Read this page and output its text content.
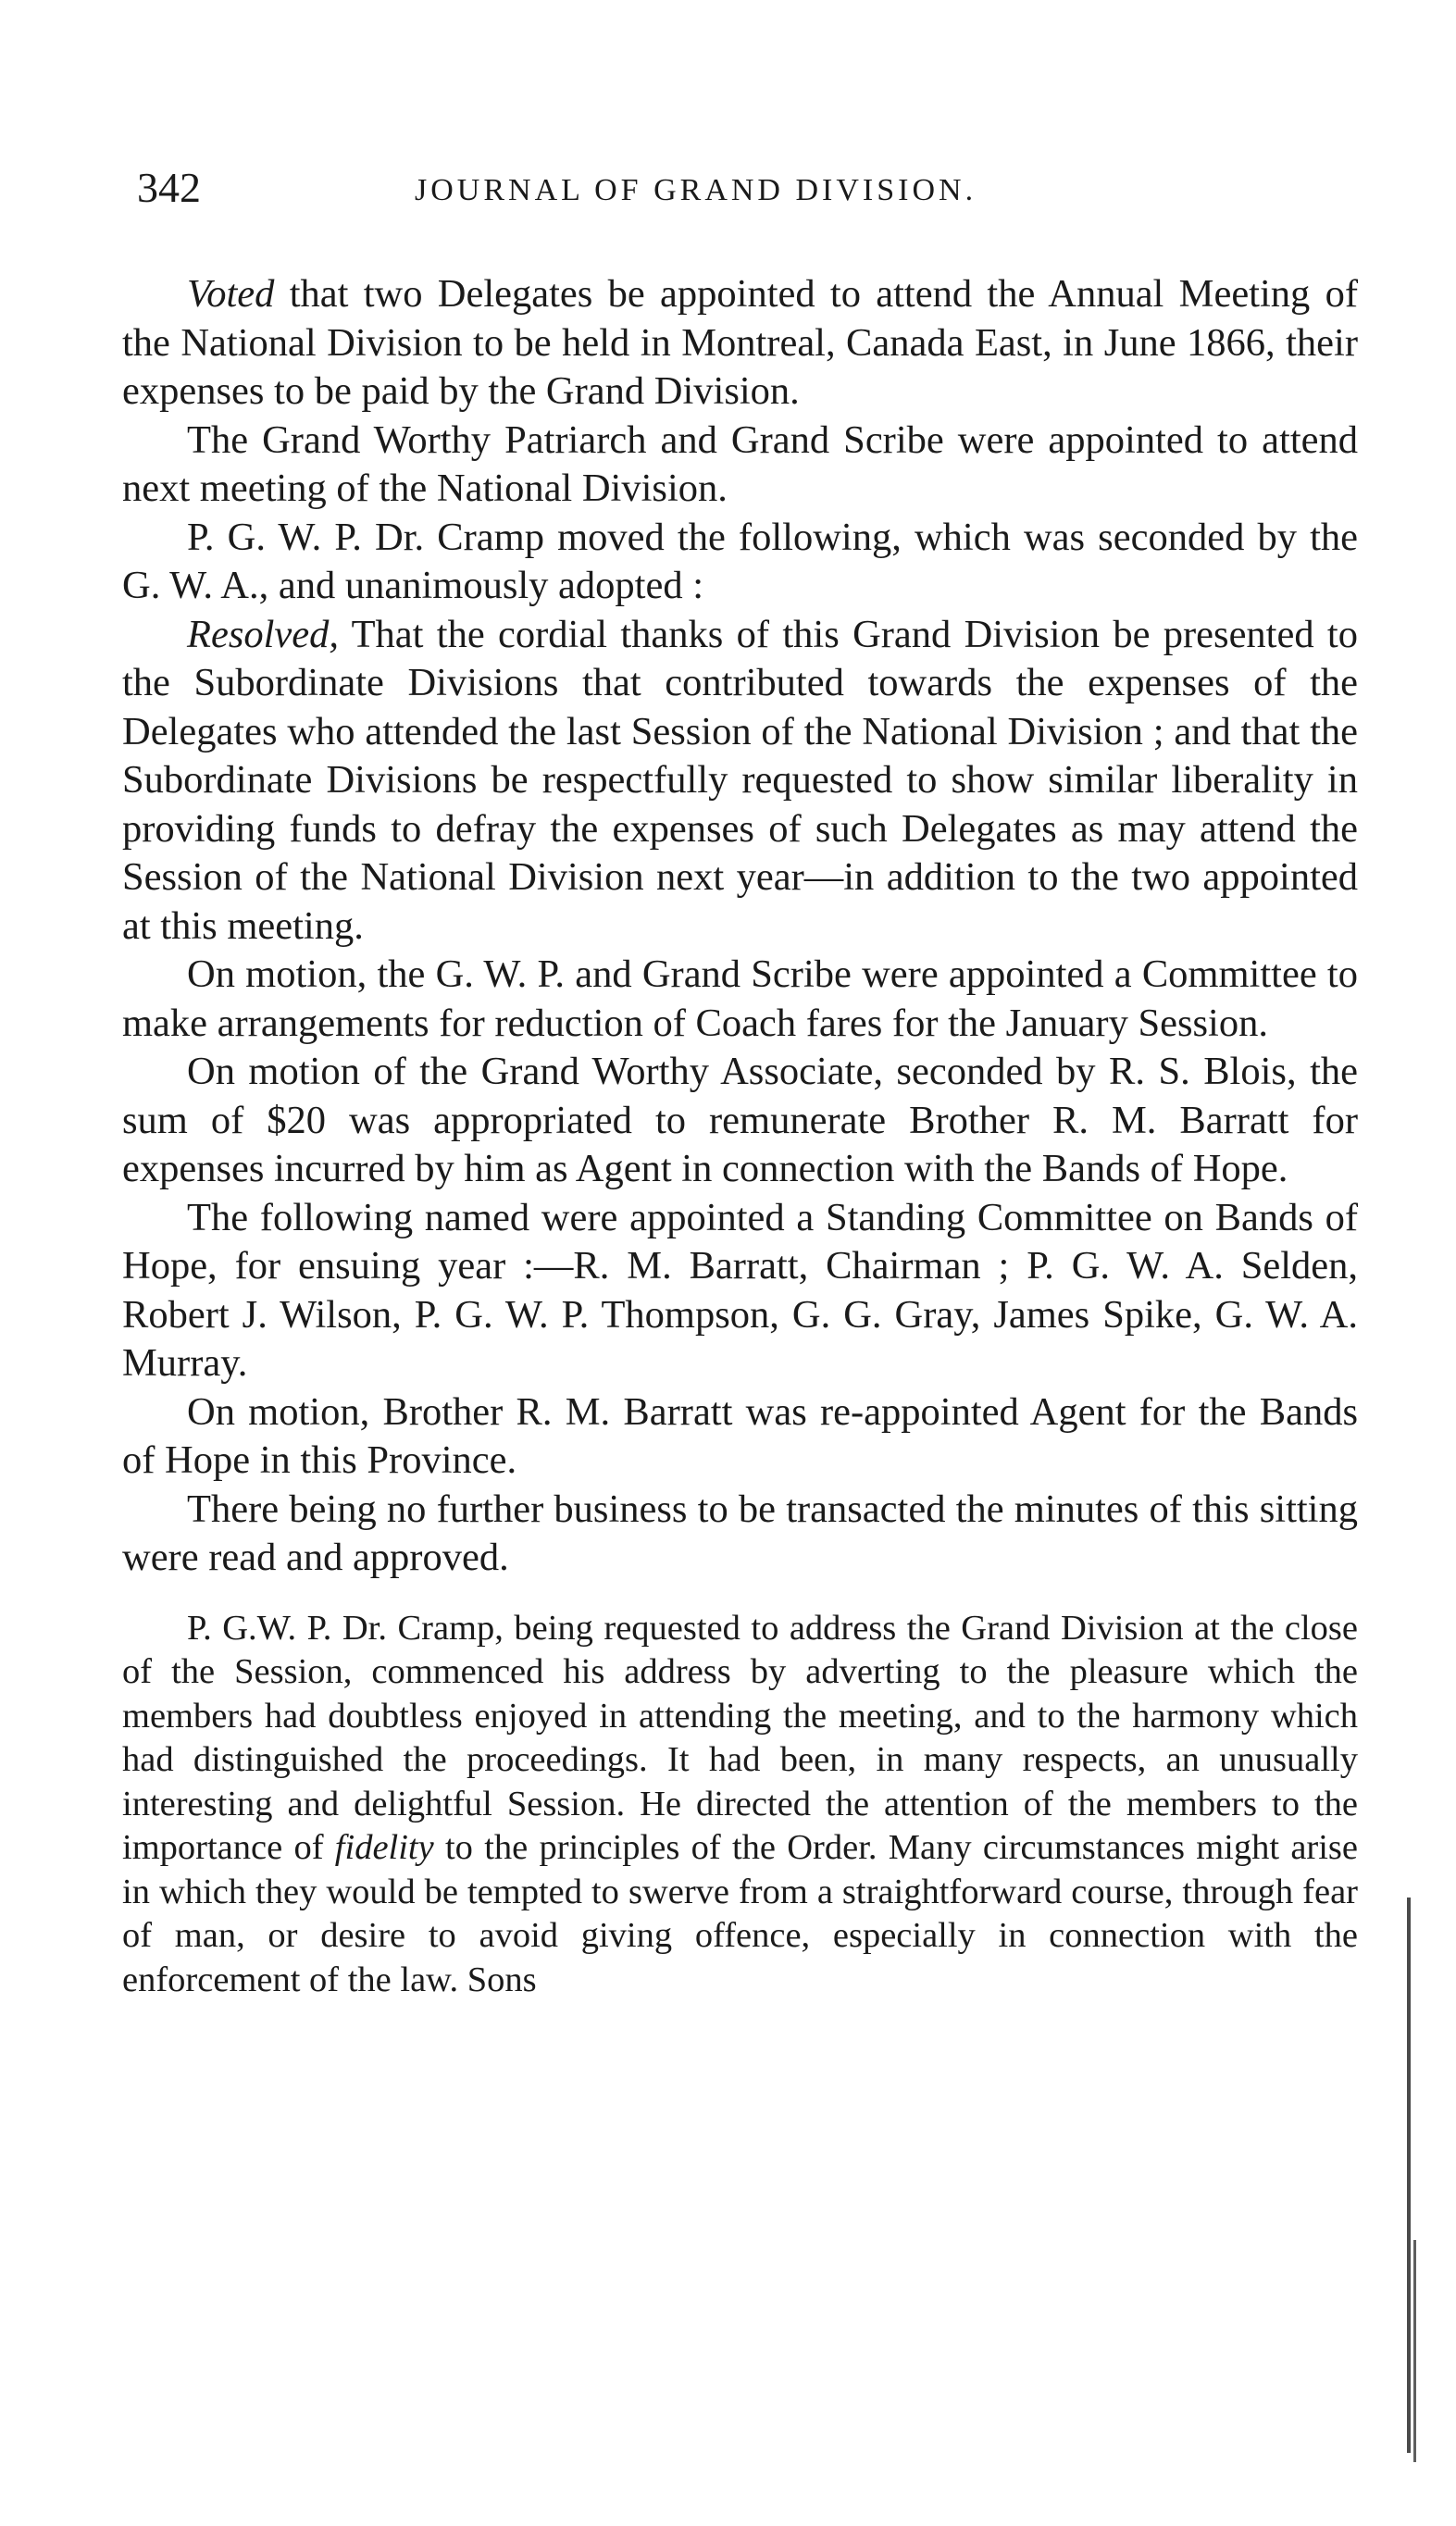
342	JOURNAL OF GRAND DIVISION.

Voted that two Delegates be appointed to attend the Annual Meeting of the National Division to be held in Montreal, Canada East, in June 1866, their expenses to be paid by the Grand Division.

The Grand Worthy Patriarch and Grand Scribe were appointed to attend next meeting of the National Division.

P. G. W. P. Dr. Cramp moved the following, which was seconded by the G. W. A., and unanimously adopted :

Resolved, That the cordial thanks of this Grand Division be presented to the Subordinate Divisions that contributed towards the expenses of the Delegates who attended the last Session of the National Division ; and that the Subordinate Divisions be respectfully requested to show similar liberality in providing funds to defray the expenses of such Delegates as may attend the Session of the National Division next year—in addition to the two appointed at this meeting.

On motion, the G. W. P. and Grand Scribe were appointed a Committee to make arrangements for reduction of Coach fares for the January Session.

On motion of the Grand Worthy Associate, seconded by R. S. Blois, the sum of $20 was appropriated to remunerate Brother R. M. Barratt for expenses incurred by him as Agent in connection with the Bands of Hope.

The following named were appointed a Standing Committee on Bands of Hope, for ensuing year :—R. M. Barratt, Chairman ; P. G. W. A. Selden, Robert J. Wilson, P. G. W. P. Thompson, G. G. Gray, James Spike, G. W. A. Murray.

On motion, Brother R. M. Barratt was re-appointed Agent for the Bands of Hope in this Province.

There being no further business to be transacted the minutes of this sitting were read and approved.

P. G.W. P. Dr. Cramp, being requested to address the Grand Division at the close of the Session, commenced his address by adverting to the pleasure which the members had doubtless enjoyed in attending the meeting, and to the harmony which had distinguished the proceedings. It had been, in many respects, an unusually interesting and delightful Session. He directed the attention of the members to the importance of fidelity to the principles of the Order. Many circumstances might arise in which they would be tempted to swerve from a straightforward course, through fear of man, or desire to avoid giving offence, especially in connection with the enforcement of the law. Sons
